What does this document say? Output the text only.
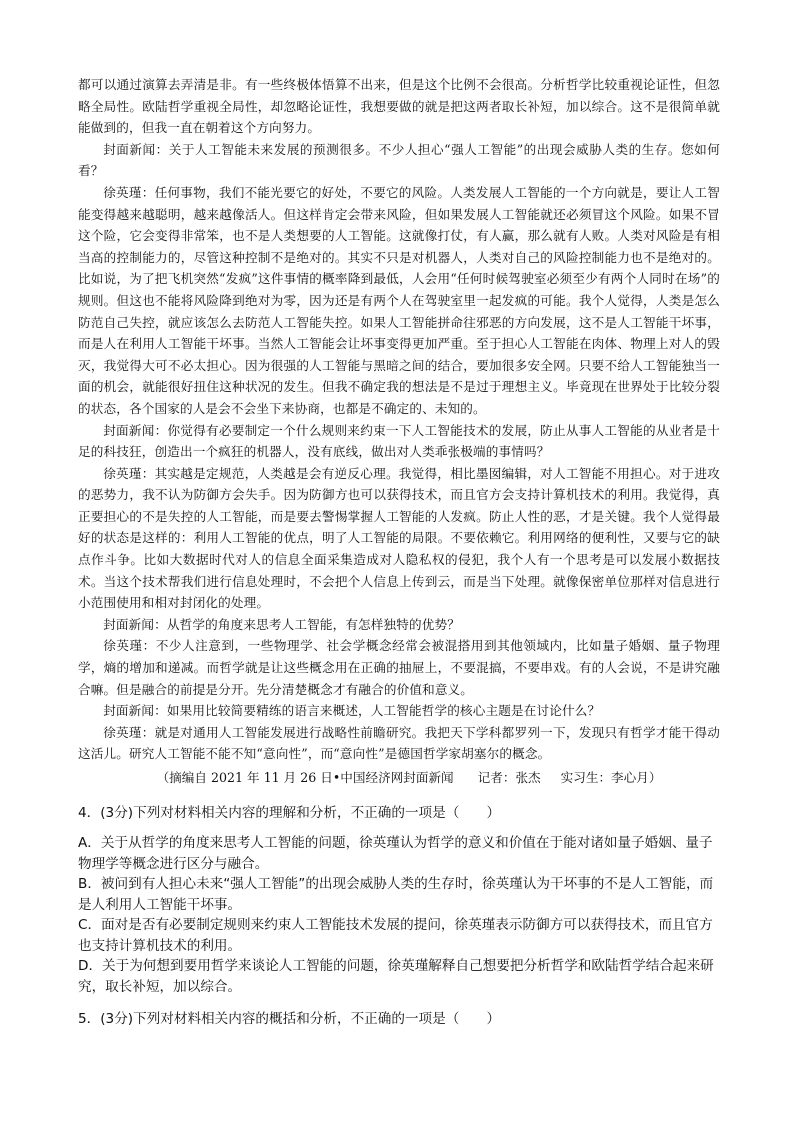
都可以通过演算去弄清是非。有一些终极体悟算不出来，但是这个比例不会很高。分析哲学比较重视论证性，但忽略全局性。欧陆哲学重视全局性，却忽略论证性，我想要做的就是把这两者取长补短，加以综合。这不是很简单就能做到的，但我一直在朝着这个方向努力。

封面新闻：关于人工智能未来发展的预测很多。不少人担心“强人工智能”的出现会威胁人类的生存。您如何看？

徐英瑾：任何事物，我们不能光要它的好处，不要它的风险。人类发展人工智能的一个方向就是，要让人工智能变得越来越聪明，越来越像活人。但这样肯定会带来风险，但如果发展人工智能就还必须冒这个风险。如果不冒这个险，它会变得非常笨，也不是人类想要的人工智能。这就像打仗，有人赢，那么就有人败。人类对风险是有相当高的控制能力的，尽管这种控制不是绝对的。其实不只是对机器人，人类对自己的风险控制能力也不是绝对的。比如说，为了把飞机突然“发疯”这件事情的概率降到最低，人会用“任何时候驾驶室必须至少有两个人同时在场”的规则。但这也不能将风险降到绝对为零，因为还是有两个人在驾驶室里一起发疯的可能。我个人觉得，人类是怎么防范自己失控，就应该怎么去防范人工智能失控。如果人工智能拼命往邪恶的方向发展，这不是人工智能干坏事，而是人在利用人工智能干坏事。当然人工智能会让坏事变得更加严重。至于担心人工智能在肉体、物理上对人的毁灭，我觉得大可不必太担心。因为很强的人工智能与黑暗之间的结合，要加很多安全网。只要不给人工智能独当一面的机会，就能很好扭住这种状况的发生。但我不确定我的想法是不是过于理想主义。毕竟现在世界处于比较分裂的状态，各个国家的人是会不会坐下来协商，也都是不确定的、未知的。

封面新闻：你觉得有必要制定一个什么规则来约束一下人工智能技术的发展，防止从事人工智能的从业者是十足的科技狂，创造出一个疯狂的机器人，没有底线，做出对人类乖张极端的事情吗？

徐英瑾：其实越是定规范，人类越是会有逆反心理。我觉得，相比墨囡编辑，对人工智能不用担心。对于进攻的恶势力，我不认为防御方会失手。因为防御方也可以获得技术，而且官方会支持计算机技术的利用。我觉得，真正要担心的不是失控的人工智能，而是要去警惕掌握人工智能的人发疯。防止人性的恶，才是关键。我个人觉得最好的状态是这样的：利用人工智能的优点，明了人工智能的局限。不要依赖它。利用网络的便利性，又要与它的缺点作斗争。比如大数据时代对人的信息全面采集造成对人隐私权的侵犯，我个人有一个思考是可以发展小数据技术。当这个技术帮我们进行信息处理时，不会把个人信息上传到云，而是当下处理。就像保密单位那样对信息进行小范围使用和相对封闭化的处理。

封面新闻：从哲学的角度来思考人工智能，有怎样独特的优势？

徐英瑾：不少人注意到，一些物理学、社会学概念经常会被混搭用到其他领域内，比如量子婚姻、量子物理学，熵的增加和递减。而哲学就是让这些概念用在正确的抽屉上，不要混搞，不要串戏。有的人会说，不是讲究融合嘛。但是融合的前提是分开。先分清楚概念才有融合的价值和意义。

封面新闻：如果用比较简要精练的语言来概述，人工智能哲学的核心主题是在讨论什么？

徐英瑾：就是对通用人工智能发展进行战略性前瞻研究。我把天下学科都罗列一下，发现只有哲学才能干得动这活儿。研究人工智能不能不知“意向性”，而“意向性”是德国哲学家胡塞尔的概念。

（摘编自 2021 年 11 月 26 日•中国经济网封面新闻 记者：张杰 实习生：李心月）

4．(3分)下列对材料相关内容的理解和分析，不正确的一项是（　　）

A．关于从哲学的角度来思考人工智能的问题，徐英瑾认为哲学的意义和价值在于能对诸如量子婚姻、量子物理学等概念进行区分与融合。

B．被问到有人担心未来“强人工智能”的出现会威胁人类的生存时，徐英瑾认为干坏事的不是人工智能，而是人利用人工智能干坏事。

C．面对是否有必要制定规则来约束人工智能技术发展的提问，徐英瑾表示防御方可以获得技术，而且官方也支持计算机技术的利用。

D．关于为何想到要用哲学来谈论人工智能的问题，徐英瑾解释自己想要把分析哲学和欧陆哲学结合起来研究，取长补短，加以综合。

5．(3分)下列对材料相关内容的概括和分析，不正确的一项是（　　）
